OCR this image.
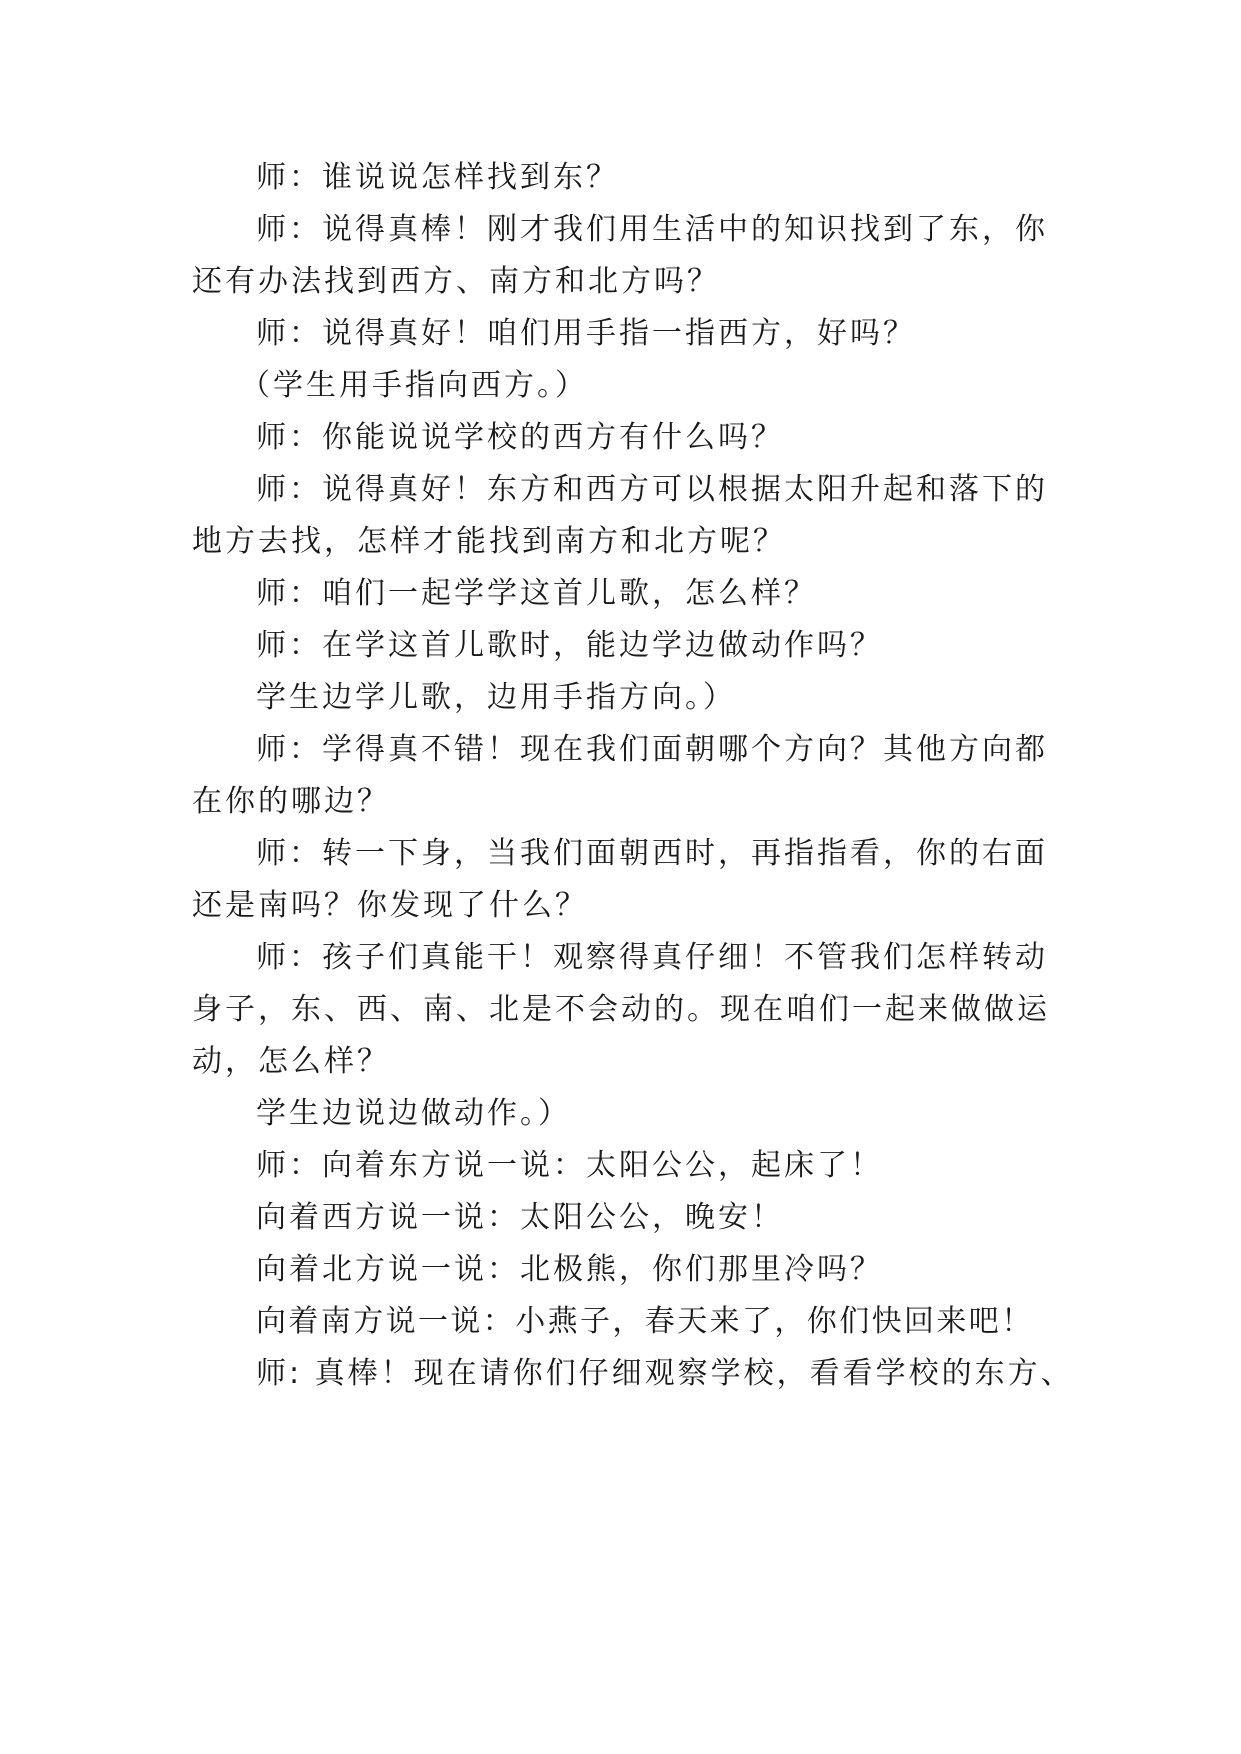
师：谁说说怎样找到东？
师：说得真棒！刚才我们用生活中的知识找到了东，你
还有办法找到西方、南方和北方吗？
师：说得真好！咱们用手指一指西方，好吗？
（学生用手指向西方。）
师：你能说说学校的西方有什么吗？
师：说得真好！东方和西方可以根据太阳升起和落下的
地方去找，怎样才能找到南方和北方呢？
师：咱们一起学学这首儿歌，怎么样？
师：在学这首儿歌时，能边学边做动作吗？
学生边学儿歌，边用手指方向。）
师：学得真不错！现在我们面朝哪个方向？其他方向都
在你的哪边？
师：转一下身，当我们面朝西时，再指指看，你的右面
还是南吗？你发现了什么？
师：孩子们真能干！观察得真仔细！不管我们怎样转动
身子，东、西、南、北是不会动的。现在咱们一起来做做运
动，怎么样？
学生边说边做动作。）
师：向着东方说一说：太阳公公，起床了！
向着西方说一说：太阳公公，晚安！
向着北方说一说：北极熊，你们那里冷吗？
向着南方说一说：小燕子，春天来了，你们快回来吧！
师: 真棒！现在请你们仔细观察学校，看看学校的东方、
